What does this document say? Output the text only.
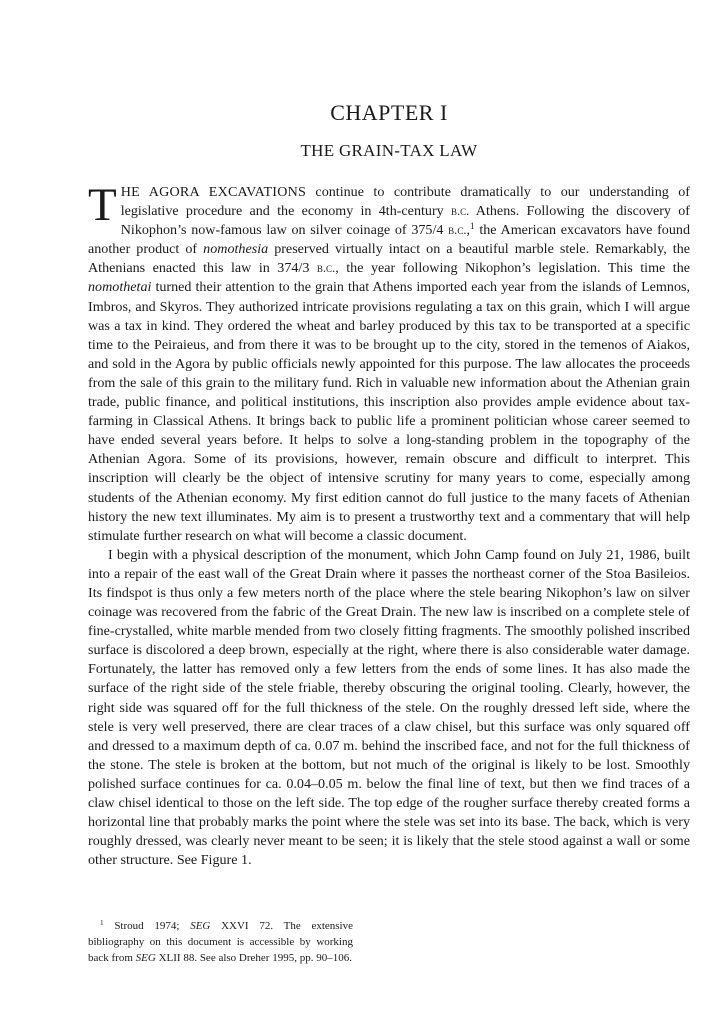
CHAPTER I
THE GRAIN-TAX LAW

THE AGORA EXCAVATIONS continue to contribute dramatically to our understanding of legislative procedure and the economy in 4th-century b.c. Athens. Following the discovery of Nikophon’s now-famous law on silver coinage of 375/4 b.c.,$^1$ the American excavators have found another product of nomothesia preserved virtually intact on a beautiful marble stele. Remarkably, the Athenians enacted this law in 374/3 b.c., the year following Nikophon’s legislation. This time the nomothetai turned their attention to the grain that Athens imported each year from the islands of Lemnos, Imbros, and Skyros. They authorized intricate provisions regulating a tax on this grain, which I will argue was a tax in kind. They ordered the wheat and barley produced by this tax to be transported at a specific time to the Peiraieus, and from there it was to be brought up to the city, stored in the temenos of Aiakos, and sold in the Agora by public officials newly appointed for this purpose. The law allocates the proceeds from the sale of this grain to the military fund. Rich in valuable new information about the Athenian grain trade, public finance, and political institutions, this inscription also provides ample evidence about tax-farming in Classical Athens. It brings back to public life a prominent politician whose career seemed to have ended several years before. It helps to solve a long-standing problem in the topography of the Athenian Agora. Some of its provisions, however, remain obscure and difficult to interpret. This inscription will clearly be the object of intensive scrutiny for many years to come, especially among students of the Athenian economy. My first edition cannot do full justice to the many facets of Athenian history the new text illuminates. My aim is to present a trustworthy text and a commentary that will help stimulate further research on what will become a classic document.

I begin with a physical description of the monument, which John Camp found on July 21, 1986, built into a repair of the east wall of the Great Drain where it passes the northeast corner of the Stoa Basileios. Its findspot is thus only a few meters north of the place where the stele bearing Nikophon’s law on silver coinage was recovered from the fabric of the Great Drain. The new law is inscribed on a complete stele of fine-crystalled, white marble mended from two closely fitting fragments. The smoothly polished inscribed surface is discolored a deep brown, especially at the right, where there is also considerable water damage. Fortunately, the latter has removed only a few letters from the ends of some lines. It has also made the surface of the right side of the stele friable, thereby obscuring the original tooling. Clearly, however, the right side was squared off for the full thickness of the stele. On the roughly dressed left side, where the stele is very well preserved, there are clear traces of a claw chisel, but this surface was only squared off and dressed to a maximum depth of ca. 0.07 m. behind the inscribed face, and not for the full thickness of the stone. The stele is broken at the bottom, but not much of the original is likely to be lost. Smoothly polished surface continues for ca. 0.04–0.05 m. below the final line of text, but then we find traces of a claw chisel identical to those on the left side. The top edge of the rougher surface thereby created forms a horizontal line that probably marks the point where the stele was set into its base. The back, which is very roughly dressed, was clearly never meant to be seen; it is likely that the stele stood against a wall or some other structure. See Figure 1.

$^1$ Stroud 1974; SEG XXVI 72. The extensive bibliography on this document is accessible by working back from SEG XLII 88. See also Dreher 1995, pp. 90–106.
